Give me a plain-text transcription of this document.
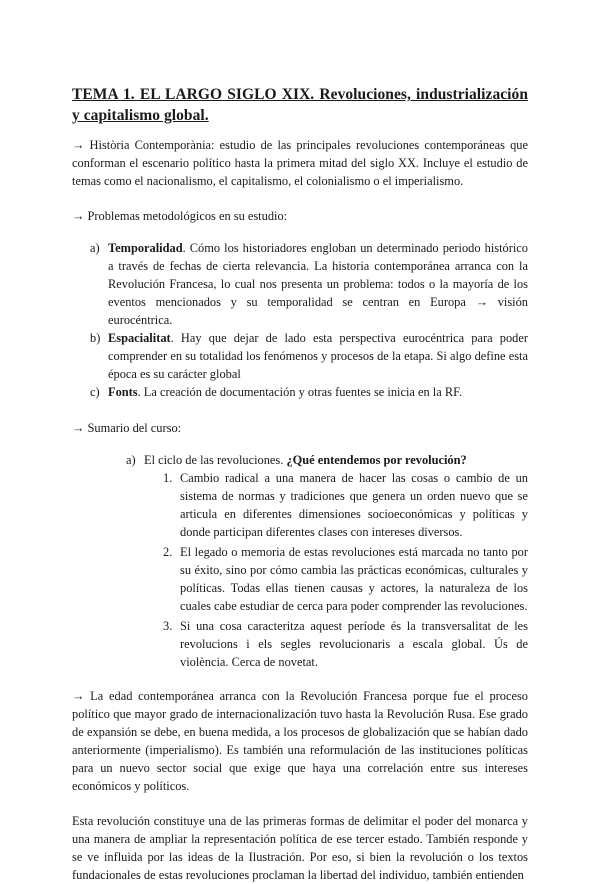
TEMA 1. EL LARGO SIGLO XIX. Revoluciones, industrialización y capitalismo global.

→ Història Contemporània: estudio de las principales revoluciones contemporáneas que conforman el escenario político hasta la primera mitad del siglo XX. Incluye el estudio de temas como el nacionalismo, el capitalismo, el colonialismo o el imperialismo.

→ Problemas metodológicos en su estudio:

a) Temporalidad. Cómo los historiadores engloban un determinado periodo histórico a través de fechas de cierta relevancia. La historia contemporánea arranca con la Revolución Francesa, lo cual nos presenta un problema: todos o la mayoría de los eventos mencionados y su temporalidad se centran en Europa → visión eurocéntrica.
b) Espacialitat. Hay que dejar de lado esta perspectiva eurocéntrica para poder comprender en su totalidad los fenómenos y procesos de la etapa. Si algo define esta época es su carácter global
c) Fonts. La creación de documentación y otras fuentes se inicia en la RF.

→ Sumario del curso:

a) El ciclo de las revoluciones. ¿Qué entendemos por revolución?
1. Cambio radical a una manera de hacer las cosas o cambio de un sistema de normas y tradiciones que genera un orden nuevo que se articula en diferentes dimensiones socioeconómicas y políticas y donde participan diferentes clases con intereses diversos.
2. El legado o memoria de estas revoluciones está marcada no tanto por su éxito, sino por cómo cambia las prácticas económicas, culturales y políticas. Todas ellas tienen causas y actores, la naturaleza de los cuales cabe estudiar de cerca para poder comprender las revoluciones.
3. Si una cosa caracteritza aquest període és la transversalitat de les revolucions i els segles revolucionaris a escala global. Ús de violència. Cerca de novetat.

→ La edad contemporánea arranca con la Revolución Francesa porque fue el proceso político que mayor grado de internacionalización tuvo hasta la Revolución Rusa. Ese grado de expansión se debe, en buena medida, a los procesos de globalización que se habían dado anteriormente (imperialismo). Es también una reformulación de las instituciones políticas para un nuevo sector social que exige que haya una correlación entre sus intereses económicos y políticos.

Esta revolución constituye una de las primeras formas de delimitar el poder del monarca y una manera de ampliar la representación política de ese tercer estado. También responde y se ve influida por las ideas de la Ilustración. Por eso, si bien la revolución o los textos fundacionales de estas revoluciones proclaman la libertad del individuo, también entienden
